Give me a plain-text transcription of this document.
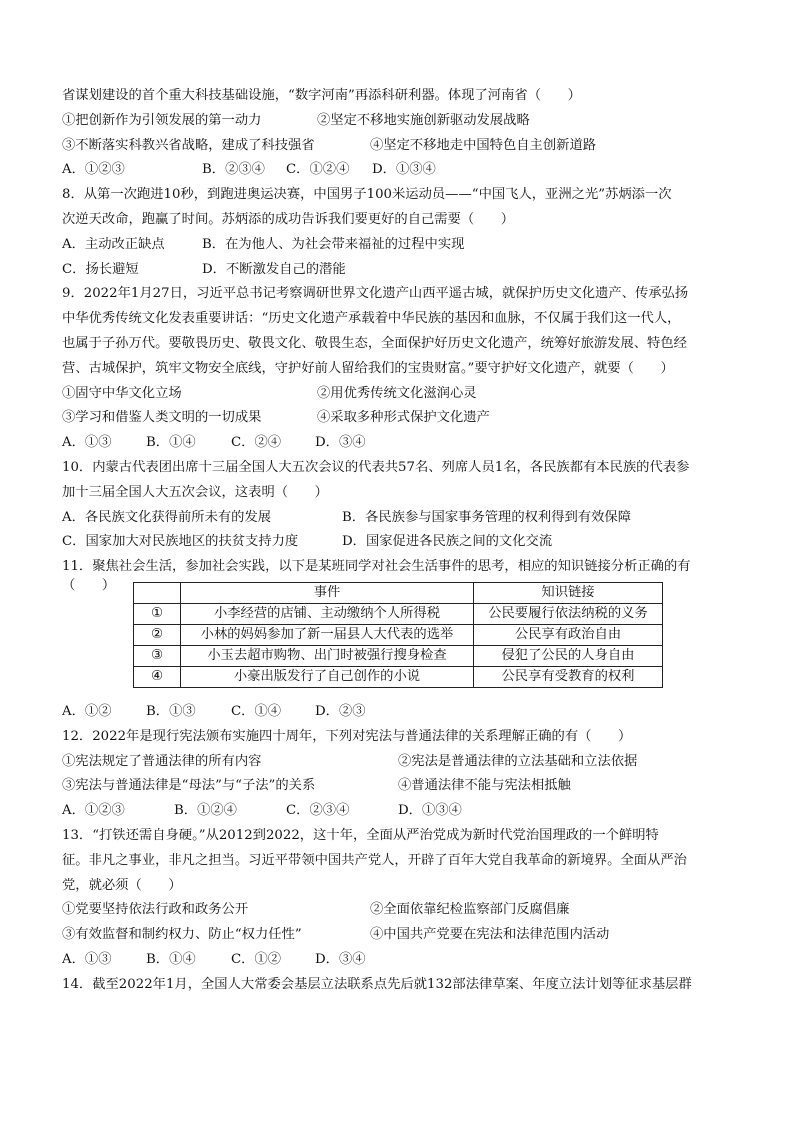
省谋划建设的首个重大科技基础设施，“数字河南”再添科研利器。体现了河南省（　　）
①把创新作为引领发展的第一动力	②坚定不移地实施创新驱动发展战略
③不断落实科教兴省战略，建成了科技强省	④坚定不移地走中国特色自主创新道路
A．①②③	B．②③④ C．①②④ D．①③④
8．从第一次跑进10秒，到跑进奥运决赛，中国男子100米运动员——“中国飞人，亚洲之光”苏炳添一次
次逆天改命，跑赢了时间。苏炳添的成功告诉我们要更好的自己需要（　　）
A．主动改正缺点	B．在为他人、为社会带来福祉的过程中实现
C．扬长避短	D．不断激发自己的潜能
9．2022年1月27日，习近平总书记考察调研世界文化遗产山西平遥古城，就保护历史文化遗产、传承弘扬
中华优秀传统文化发表重要讲话：“历史文化遗产承载着中华民族的基因和血脉，不仅属于我们这一代人，
也属于子孙万代。要敬畏历史、敬畏文化、敬畏生态，全面保护好历史文化遗产，统筹好旅游发展、特色经
营、古城保护，筑牢文物安全底线，守护好前人留给我们的宝贵财富。”要守护好文化遗产，就要（　　）
①固守中华文化立场	②用优秀传统文化滋润心灵
③学习和借鉴人类文明的一切成果	④采取多种形式保护文化遗产
A．①③	B．①④	C．②④	D．③④
10．内蒙古代表团出席十三届全国人大五次会议的代表共57名、列席人员1名，各民族都有本民族的代表参
加十三届全国人大五次会议，这表明（　　）
A．各民族文化获得前所未有的发展	B．各民族参与国家事务管理的权利得到有效保障
C．国家加大对民族地区的扶贫支持力度	D．国家促进各民族之间的文化交流
11．聚焦社会生活，参加社会实践，以下是某班同学对社会生活事件的思考，相应的知识链接分析正确的有
（　　）
		事件	知识链接
①	小李经营的店铺、主动缴纳个人所得税	公民要履行依法纳税的义务
②	小林的妈妈参加了新一届县人大代表的选举	公民享有政治自由
③	小玉去超市购物、出门时被强行搜身检查	侵犯了公民的人身自由
④	小豪出版发行了自己创作的小说	公民享有受教育的权利
A．①②	B．①③	C．①④	D．②③
12．2022年是现行宪法颁布实施四十周年，下列对宪法与普通法律的关系理解正确的有（　　）
①宪法规定了普通法律的所有内容	②宪法是普通法律的立法基础和立法依据
③宪法与普通法律是“母法”与“子法”的关系	④普通法律不能与宪法相抵触
A．①②③	B．①②④	C．②③④	D．①③④
13．“打铁还需自身硬。”从2012到2022，这十年，全面从严治党成为新时代党治国理政的一个鲜明特
征。非凡之事业，非凡之担当。习近平带领中国共产党人，开辟了百年大党自我革命的新境界。全面从严治
党，就必须（　　）
①党要坚持依法行政和政务公开	②全面依靠纪检监察部门反腐倡廉
③有效监督和制约权力、防止“权力任性”	④中国共产党要在宪法和法律范围内活动
A．①③	B．①④	C．①②	D．③④
14．截至2022年1月，全国人大常委会基层立法联系点先后就132部法律草案、年度立法计划等征求基层群
